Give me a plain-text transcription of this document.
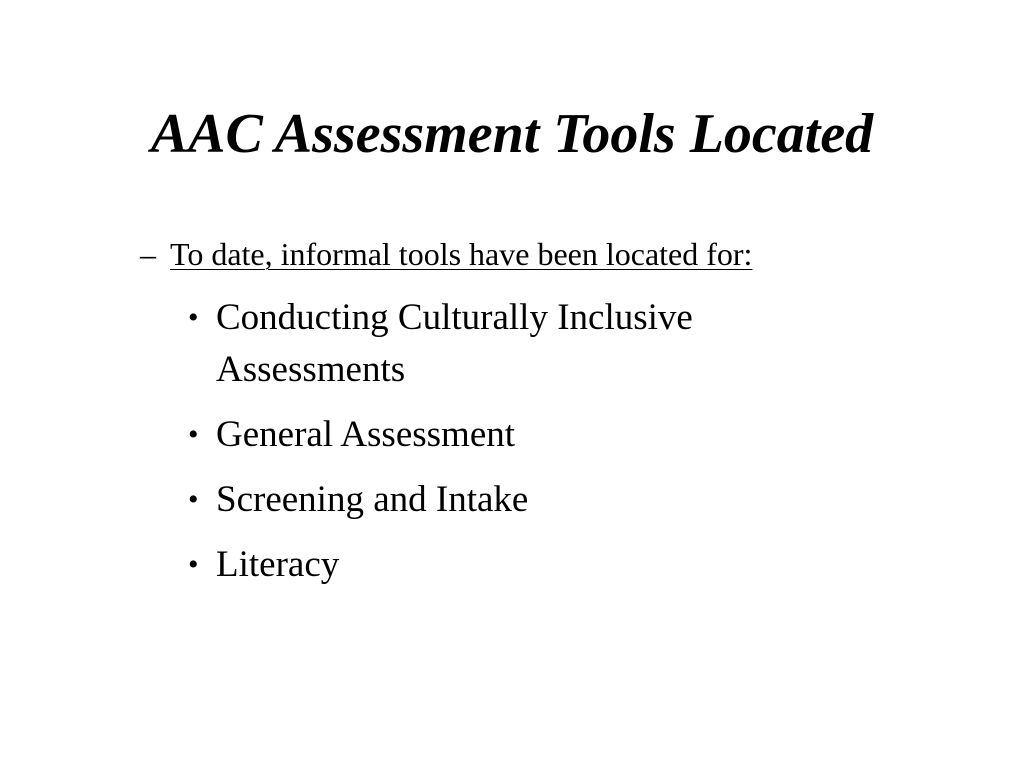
AAC Assessment Tools Located
– To date, informal tools have been located for:
• Conducting Culturally Inclusive Assessments
• General Assessment
• Screening and Intake
• Literacy
